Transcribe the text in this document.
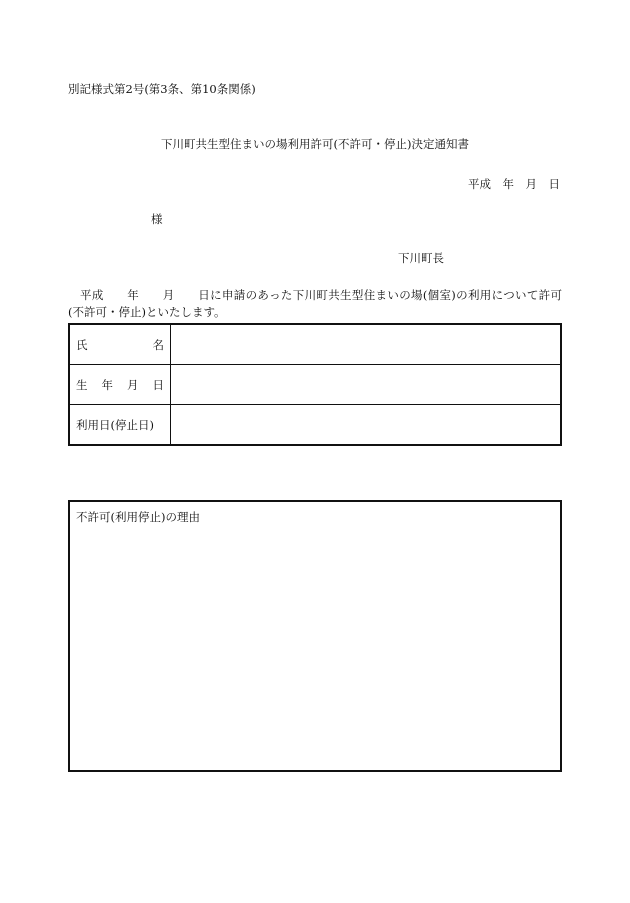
別記様式第2号(第3条、第10条関係)
下川町共生型住まいの場利用許可(不許可・停止)決定通知書
平成　年　月　日
様
下川町長
平成　　年　　月　　日に申請のあった下川町共生型住まいの場(個室)の利用について許可(不許可・停止)といたします。
氏名	
生年月日	
利用日(停止日)	
不許可(利用停止)の理由
